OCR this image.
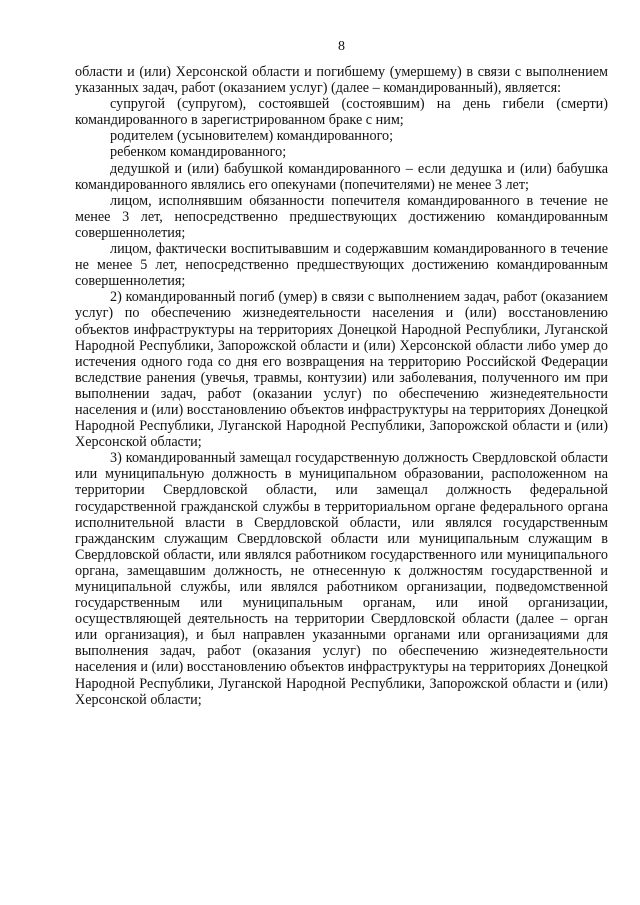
8

области и (или) Херсонской области и погибшему (умершему) в связи с выполнением указанных задач, работ (оказанием услуг) (далее – командированный), является:

супругой (супругом), состоявшей (состоявшим) на день гибели (смерти) командированного в зарегистрированном браке с ним;

родителем (усыновителем) командированного;

ребенком командированного;

дедушкой и (или) бабушкой командированного – если дедушка и (или) бабушка командированного являлись его опекунами (попечителями) не менее 3 лет;

лицом, исполнявшим обязанности попечителя командированного в течение не менее 3 лет, непосредственно предшествующих достижению командированным совершеннолетия;

лицом, фактически воспитывавшим и содержавшим командированного в течение не менее 5 лет, непосредственно предшествующих достижению командированным совершеннолетия;

2) командированный погиб (умер) в связи с выполнением задач, работ (оказанием услуг) по обеспечению жизнедеятельности населения и (или) восстановлению объектов инфраструктуры на территориях Донецкой Народной Республики, Луганской Народной Республики, Запорожской области и (или) Херсонской области либо умер до истечения одного года со дня его возвращения на территорию Российской Федерации вследствие ранения (увечья, травмы, контузии) или заболевания, полученного им при выполнении задач, работ (оказании услуг) по обеспечению жизнедеятельности населения и (или) восстановлению объектов инфраструктуры на территориях Донецкой Народной Республики, Луганской Народной Республики, Запорожской области и (или) Херсонской области;

3) командированный замещал государственную должность Свердловской области или муниципальную должность в муниципальном образовании, расположенном на территории Свердловской области, или замещал должность федеральной государственной гражданской службы в территориальном органе федерального органа исполнительной власти в Свердловской области, или являлся государственным гражданским служащим Свердловской области или муниципальным служащим в Свердловской области, или являлся работником государственного или муниципального органа, замещавшим должность, не отнесенную к должностям государственной и муниципальной службы, или являлся работником организации, подведомственной государственным или муниципальным органам, или иной организации, осуществляющей деятельность на территории Свердловской области (далее – орган или организация), и был направлен указанными органами или организациями для выполнения задач, работ (оказания услуг) по обеспечению жизнедеятельности населения и (или) восстановлению объектов инфраструктуры на территориях Донецкой Народной Республики, Луганской Народной Республики, Запорожской области и (или) Херсонской области;
